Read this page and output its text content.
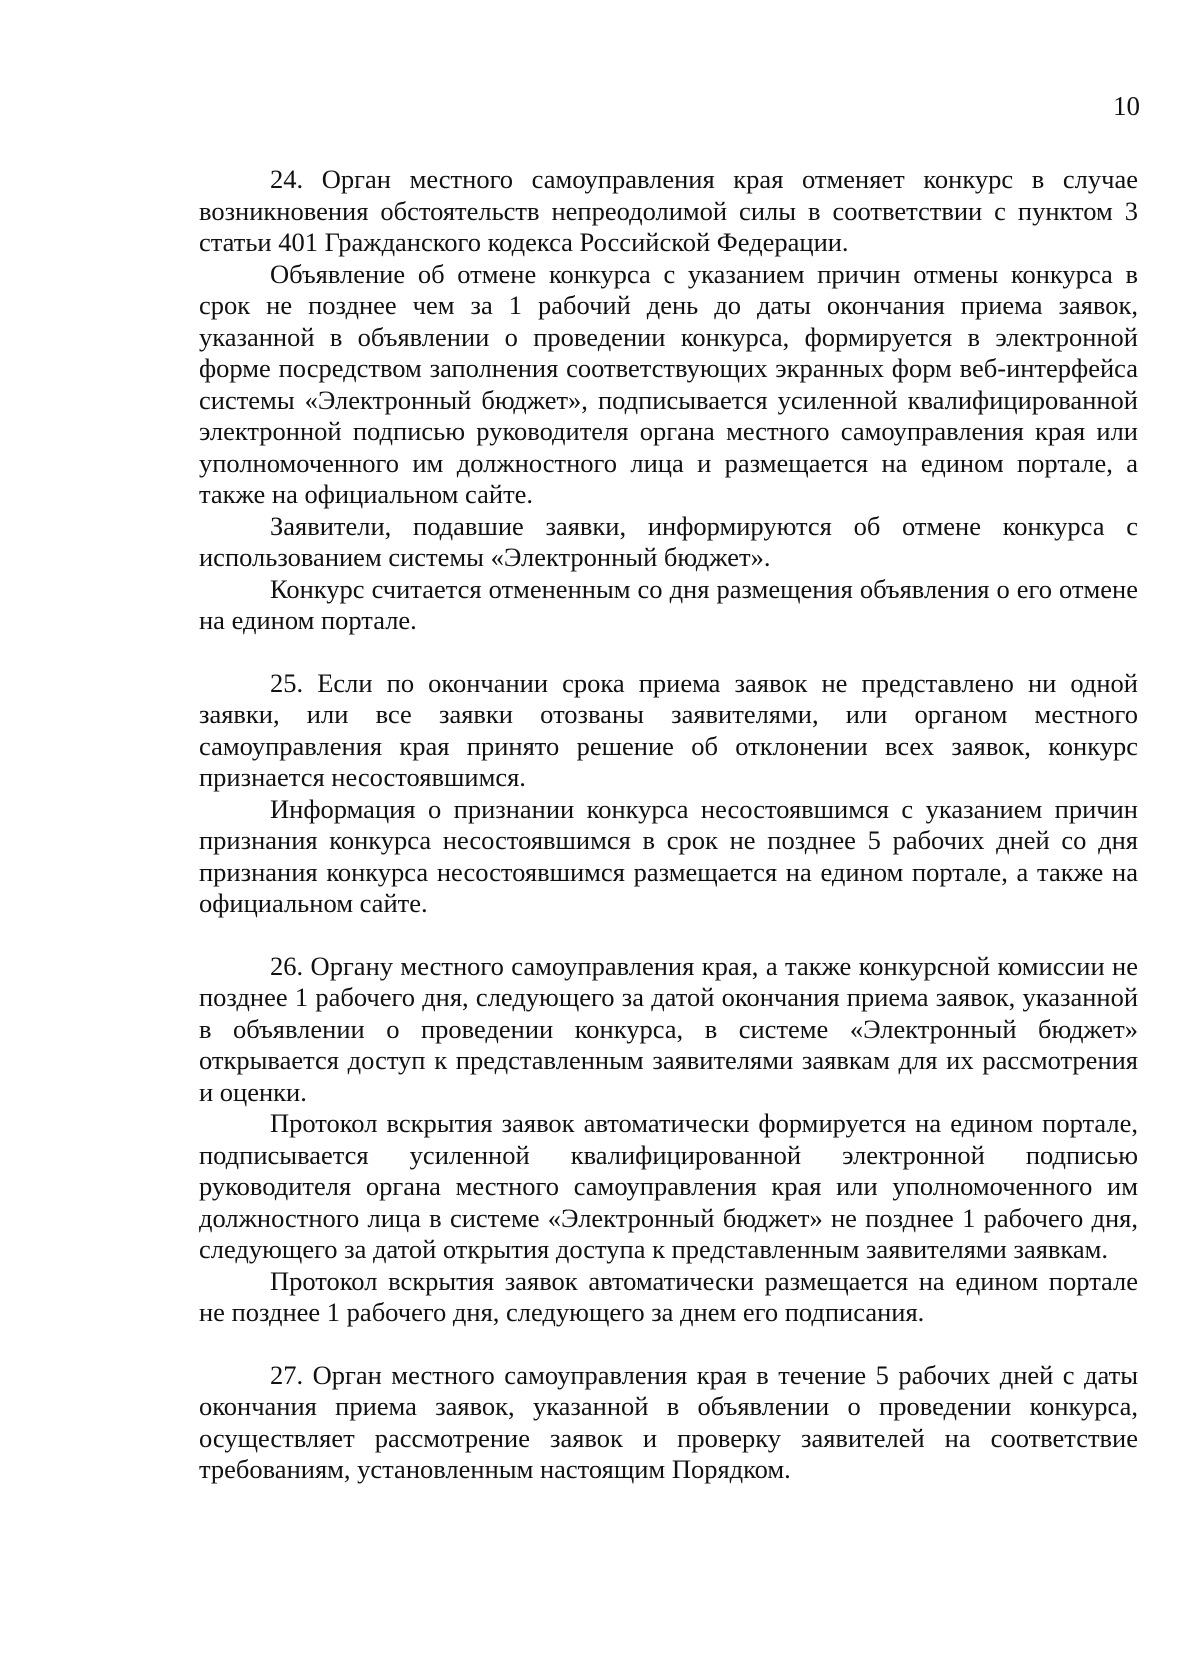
10

24. Орган местного самоуправления края отменяет конкурс в случае возникновения обстоятельств непреодолимой силы в соответствии с пунктом 3 статьи 401 Гражданского кодекса Российской Федерации.

Объявление об отмене конкурса с указанием причин отмены конкурса в срок не позднее чем за 1 рабочий день до даты окончания приема заявок, указанной в объявлении о проведении конкурса, формируется в электронной форме посредством заполнения соответствующих экранных форм веб-интерфейса системы «Электронный бюджет», подписывается усиленной квалифицированной электронной подписью руководителя органа местного самоуправления края или уполномоченного им должностного лица и размещается на едином портале, а также на официальном сайте.

Заявители, подавшие заявки, информируются об отмене конкурса с использованием системы «Электронный бюджет».

Конкурс считается отмененным со дня размещения объявления о его отмене на едином портале.

25. Если по окончании срока приема заявок не представлено ни одной заявки, или все заявки отозваны заявителями, или органом местного самоуправления края принято решение об отклонении всех заявок, конкурс признается несостоявшимся.

Информация о признании конкурса несостоявшимся с указанием причин признания конкурса несостоявшимся в срок не позднее 5 рабочих дней со дня признания конкурса несостоявшимся размещается на едином портале, а также на официальном сайте.

26. Органу местного самоуправления края, а также конкурсной комиссии не позднее 1 рабочего дня, следующего за датой окончания приема заявок, указанной в объявлении о проведении конкурса, в системе «Электронный бюджет» открывается доступ к представленным заявителями заявкам для их рассмотрения и оценки.

Протокол вскрытия заявок автоматически формируется на едином портале, подписывается усиленной квалифицированной электронной подписью руководителя органа местного самоуправления края или уполномоченного им должностного лица в системе «Электронный бюджет» не позднее 1 рабочего дня, следующего за датой открытия доступа к представленным заявителями заявкам.

Протокол вскрытия заявок автоматически размещается на едином портале не позднее 1 рабочего дня, следующего за днем его подписания.

27. Орган местного самоуправления края в течение 5 рабочих дней с даты окончания приема заявок, указанной в объявлении о проведении конкурса, осуществляет рассмотрение заявок и проверку заявителей на соответствие требованиям, установленным настоящим Порядком.
